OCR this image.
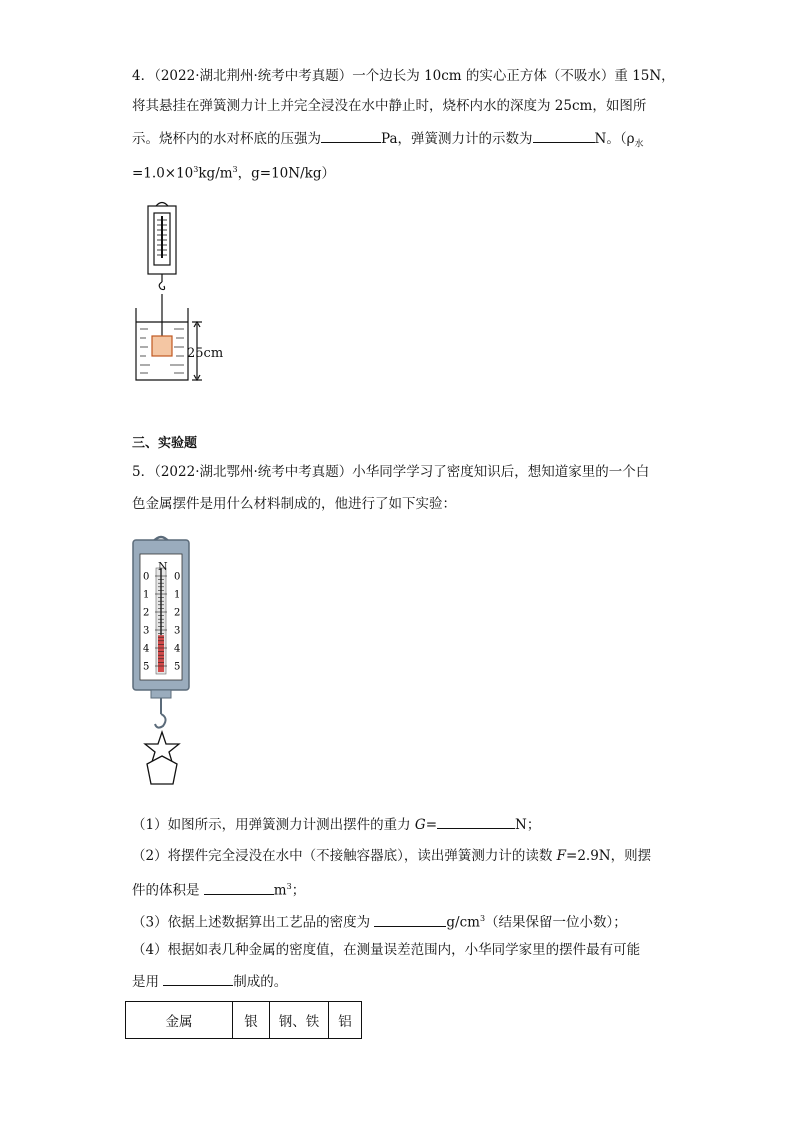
4．（2022·湖北荆州·统考中考真题）一个边长为 10cm 的实心正方体（不吸水）重 15N，
将其悬挂在弹簧测力计上并完全浸没在水中静止时，烧杯内水的深度为 25cm，如图所
示。烧杯内的水对杯底的压强为	Pa，弹簧测力计的示数为	N。（$\rho_水$
$=1.0\times 10^3kg/m^3$，g=10N/kg）
25cm
三、实验题
5．（2022·湖北鄂州·统考中考真题）小华同学学习了密度知识后，想知道家里的一个白
色金属摆件是用什么材料制成的，他进行了如下实验：
0 0
1 1
2 2
3 3
4 4
5 5
N
（1）如图所示，用弹簧测力计测出摆件的重力 G=	N；
（2）将摆件完全浸没在水中（不接触容器底），读出弹簧测力计的读数 F=2.9N，则摆
件的体积是	$m^3$；
（3）依据上述数据算出工艺品的密度为	$g/cm^3$（结果保留一位小数）；
（4）根据如表几种金属的密度值，在测量误差范围内，小华同学家里的摆件最有可能
是用	制成的。
金属	银	钢、铁	铝
